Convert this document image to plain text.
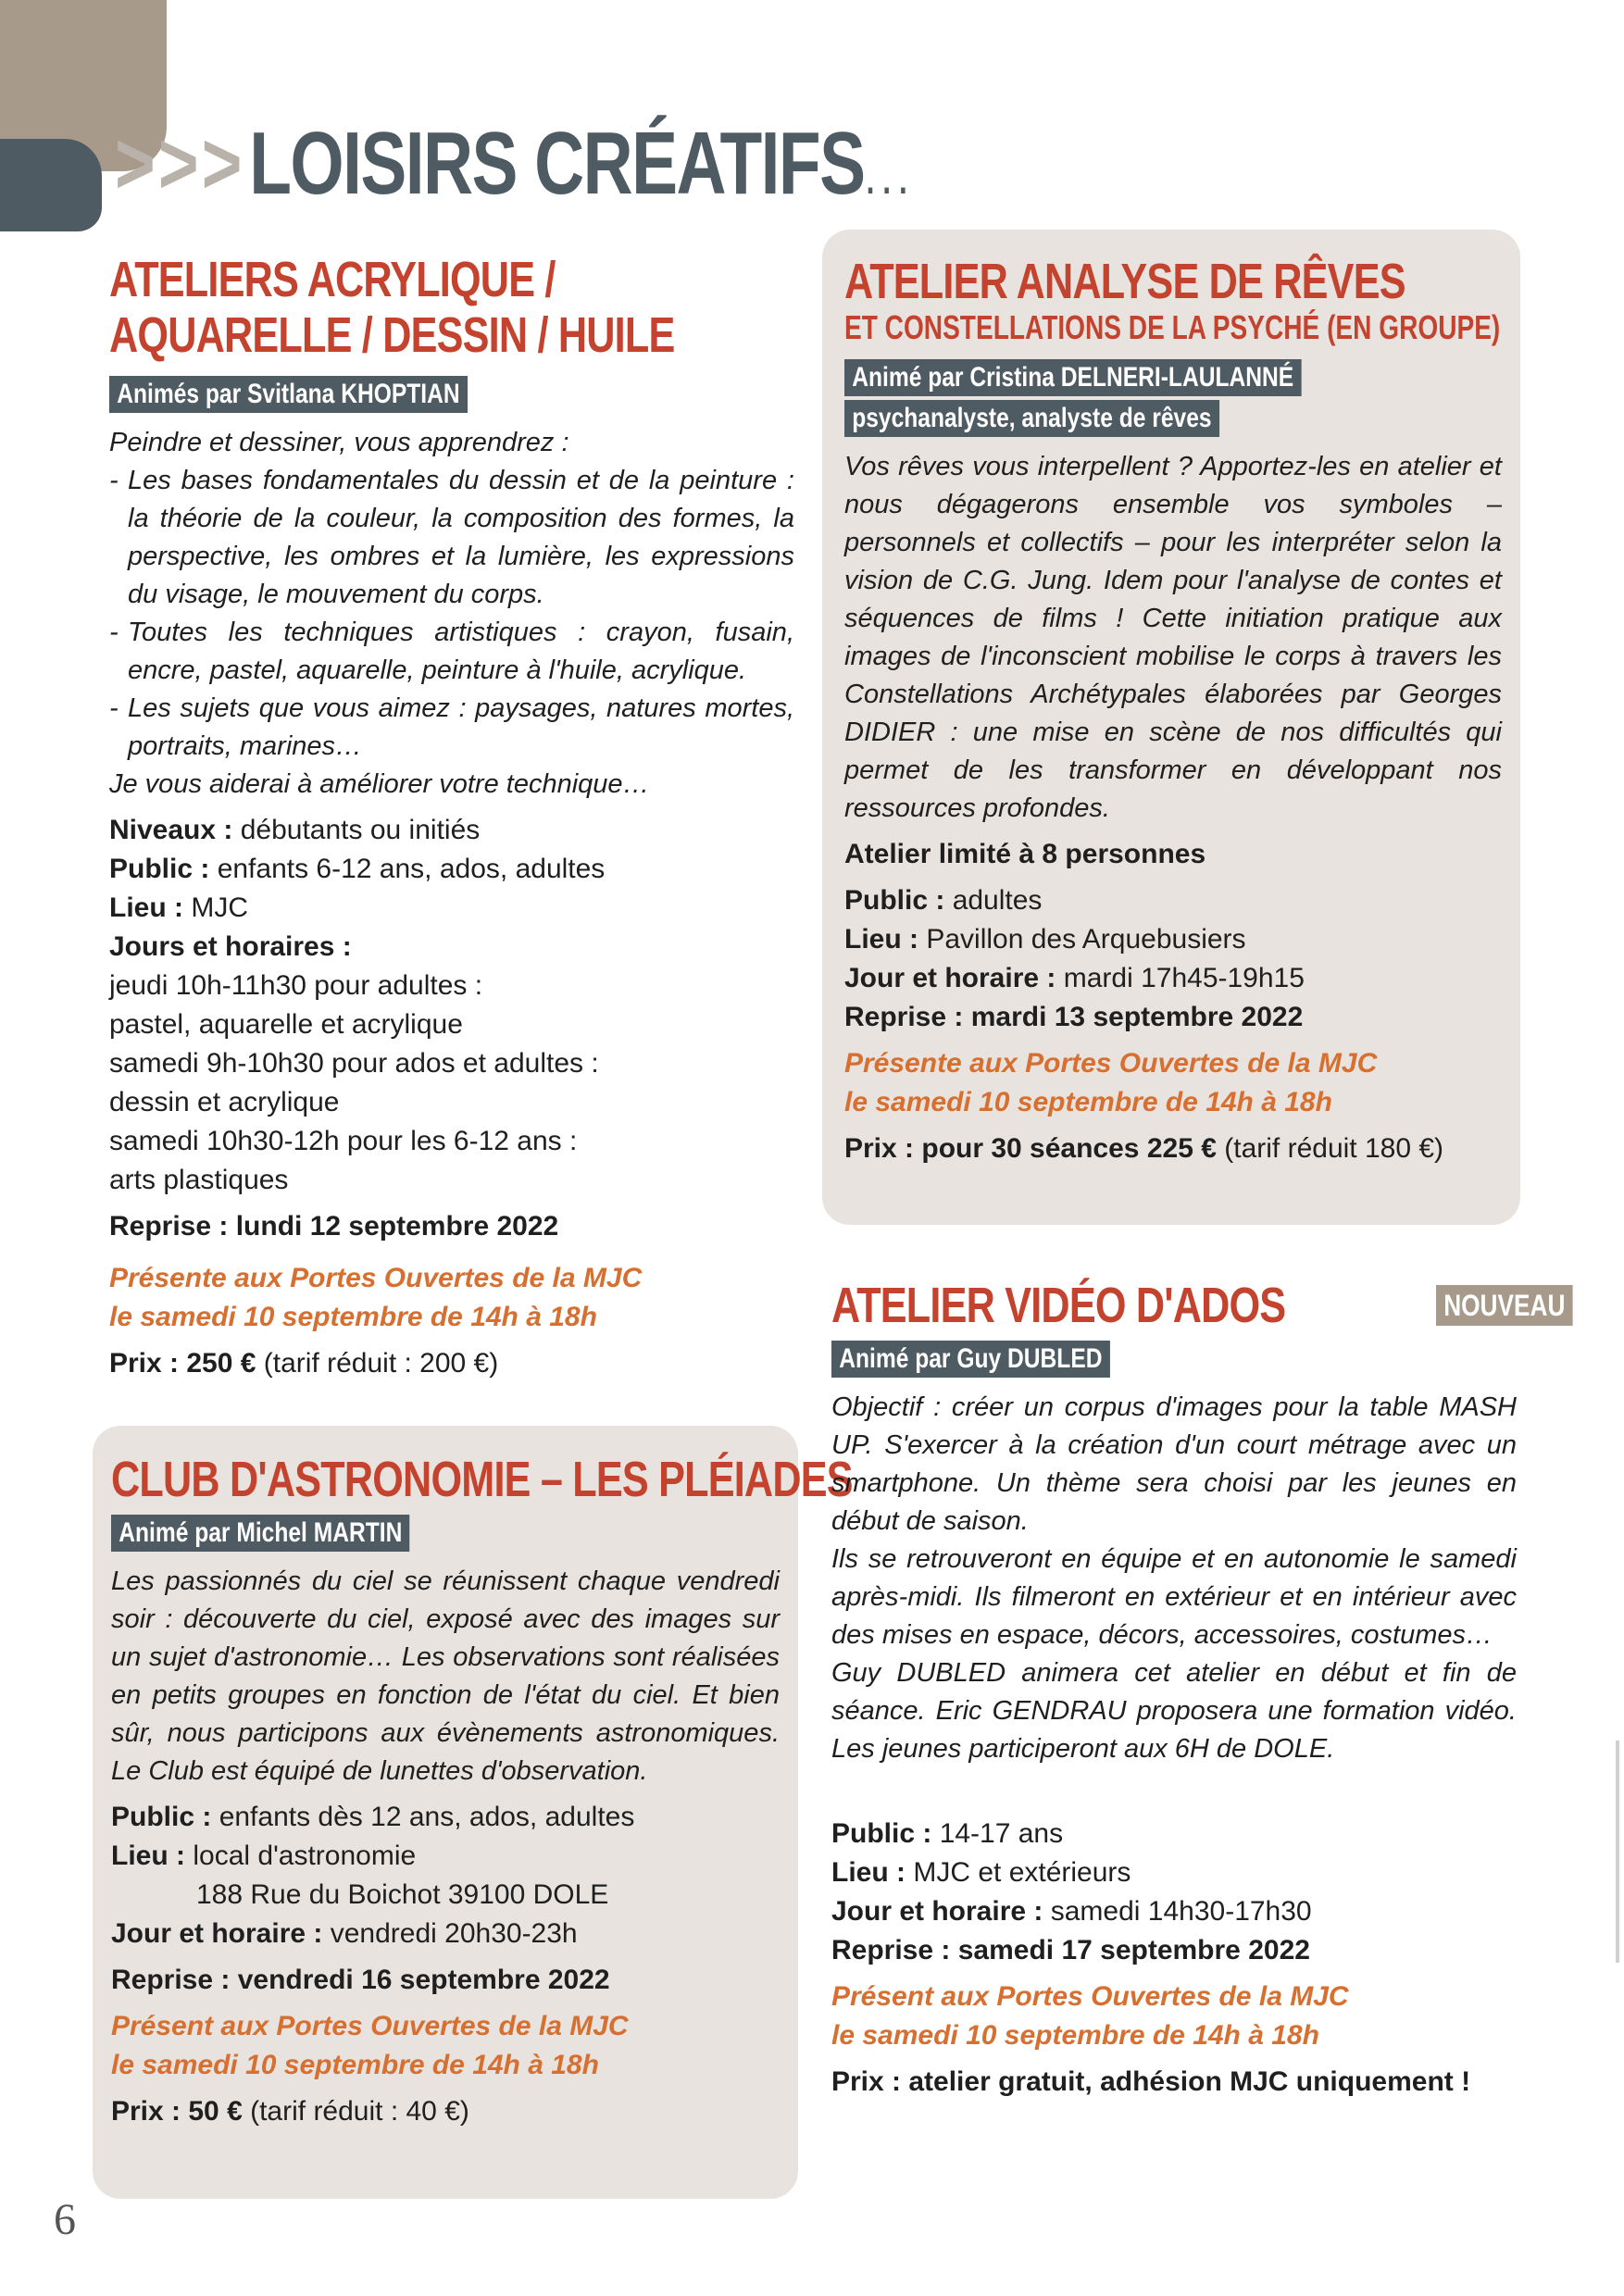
>>>LOISIRS CRÉATIFS...
ATELIERS ACRYLIQUE /
AQUARELLE / DESSIN / HUILE
Animés par Svitlana KHOPTIAN

Peindre et dessiner, vous apprendrez :

- Les bases fondamentales du dessin et de la peinture : la théorie de la couleur, la composition des formes, la perspective, les ombres et la lumière, les expressions du visage, le mouvement du corps.
- Toutes les techniques artistiques : crayon, fusain, encre, pastel, aquarelle, peinture à l'huile, acrylique.
- Les sujets que vous aimez : paysages, natures mortes, portraits, marines…

Je vous aiderai à améliorer votre technique…

Niveaux : débutants ou initiés

Public : enfants 6-12 ans, ados, adultes

Lieu : MJC

Jours et horaires :

jeudi 10h-11h30 pour adultes :

pastel, aquarelle et acrylique

samedi 9h-10h30 pour ados et adultes :

dessin et acrylique

samedi 10h30-12h pour les 6-12 ans :

arts plastiques

Reprise : lundi 12 septembre 2022

Présente aux Portes Ouvertes de la MJC

le samedi 10 septembre de 14h à 18h

Prix : 250 € (tarif réduit : 200 €)

CLUB D'ASTRONOMIE – LES PLÉIADES
Animé par Michel MARTIN

Les passionnés du ciel se réunissent chaque vendredi soir : découverte du ciel, exposé avec des images sur un sujet d'astronomie… Les observations sont réalisées en petits groupes en fonction de l'état du ciel. Et bien sûr, nous participons aux évènements astronomiques. Le Club est équipé de lunettes d'observation.

Public : enfants dès 12 ans, ados, adultes

Lieu : local d'astronomie

188 Rue du Boichot 39100 DOLE

Jour et horaire : vendredi 20h30-23h

Reprise : vendredi 16 septembre 2022

Présent aux Portes Ouvertes de la MJC

le samedi 10 septembre de 14h à 18h

Prix : 50 € (tarif réduit : 40 €)

ATELIER ANALYSE DE RÊVES

ET CONSTELLATIONS DE LA PSYCHÉ (EN GROUPE)

Animé par Cristina DELNERI-LAULANNÉ
psychanalyste, analyste de rêves

Vos rêves vous interpellent ? Apportez-les en atelier et nous dégagerons ensemble vos symboles – personnels et collectifs – pour les interpréter selon la vision de C.G. Jung. Idem pour l'analyse de contes et séquences de films ! Cette initiation pratique aux images de l'inconscient mobilise le corps à travers les Constellations Archétypales élaborées par Georges DIDIER : une mise en scène de nos difficultés qui permet de les transformer en développant nos ressources profondes.

Atelier limité à 8 personnes

Public : adultes

Lieu : Pavillon des Arquebusiers

Jour et horaire : mardi 17h45-19h15

Reprise : mardi 13 septembre 2022

Présente aux Portes Ouvertes de la MJC

le samedi 10 septembre de 14h à 18h

Prix : pour 30 séances 225 € (tarif réduit 180 €)

ATELIER VIDÉO D'ADOS	NOUVEAU
Animé par Guy DUBLED

Objectif : créer un corpus d'images pour la table MASH UP. S'exercer à la création d'un court métrage avec un smartphone. Un thème sera choisi par les jeunes en début de saison.

Ils se retrouveront en équipe et en autonomie le samedi après-midi. Ils filmeront en extérieur et en intérieur avec des mises en espace, décors, accessoires, costumes…

Guy DUBLED animera cet atelier en début et fin de séance. Eric GENDRAU proposera une formation vidéo. Les jeunes participeront aux 6H de DOLE.

Public : 14-17 ans

Lieu : MJC et extérieurs

Jour et horaire : samedi 14h30-17h30

Reprise : samedi 17 septembre 2022

Présent aux Portes Ouvertes de la MJC

le samedi 10 septembre de 14h à 18h

Prix : atelier gratuit, adhésion MJC uniquement !

6
